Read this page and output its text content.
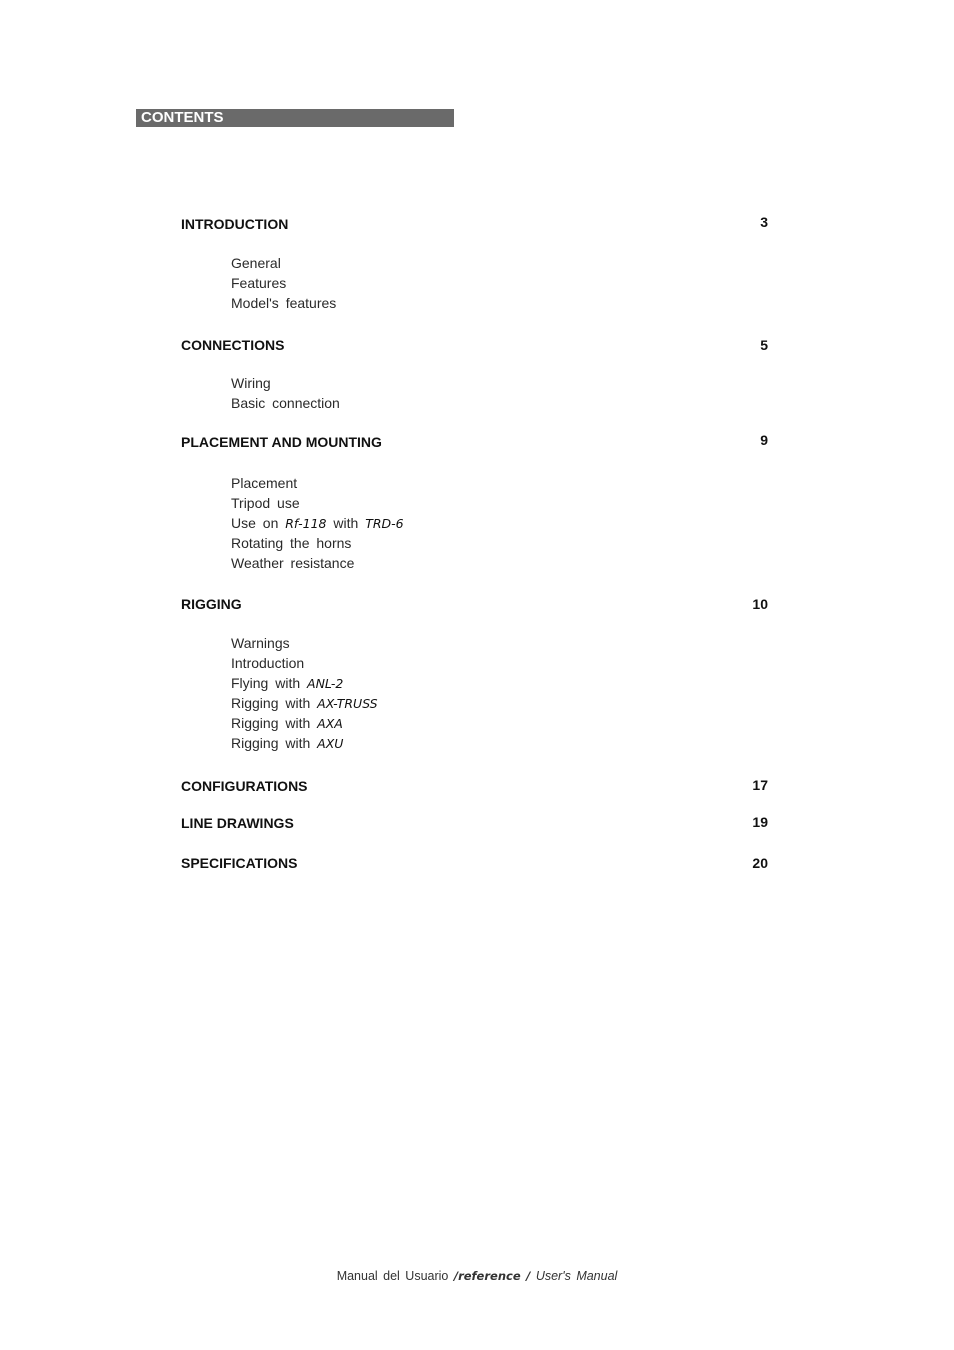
CONTENTS
INTRODUCTION	3
General
Features
Model's features
CONNECTIONS	5
Wiring
Basic connection
PLACEMENT AND MOUNTING	9
Placement
Tripod use
Use on Rf-118 with TRD-6
Rotating the horns
Weather resistance
RIGGING	10
Warnings
Introduction
Flying with ANL-2
Rigging with AX-TRUSS
Rigging with AXA
Rigging with AXU
CONFIGURATIONS	17
LINE DRAWINGS	19
SPECIFICATIONS	20
Manual del Usuario /reference / User's Manual
